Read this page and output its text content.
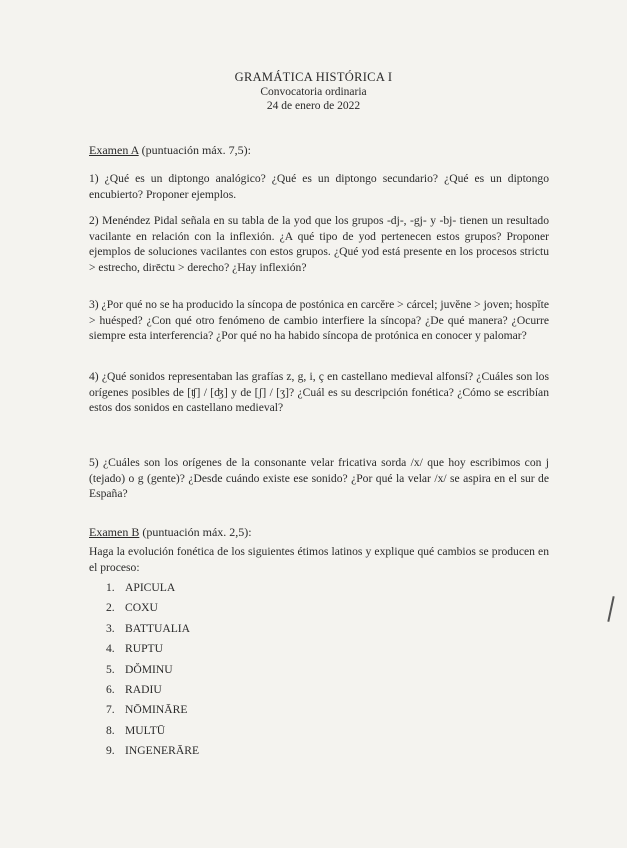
GRAMÁTICA HISTÓRICA I
Convocatoria ordinaria
24 de enero de 2022
Examen A (puntuación máx. 7,5):
1) ¿Qué es un diptongo analógico? ¿Qué es un diptongo secundario? ¿Qué es un diptongo encubierto? Proponer ejemplos.
2) Menéndez Pidal señala en su tabla de la yod que los grupos -dj-, -gj- y -bj- tienen un resultado vacilante en relación con la inflexión. ¿A qué tipo de yod pertenecen estos grupos? Proponer ejemplos de soluciones vacilantes con estos grupos. ¿Qué yod está presente en los procesos strictu > estrecho, dirēctu > derecho? ¿Hay inflexión?
3) ¿Por qué no se ha producido la síncopa de postónica en carcĕre > cárcel; juvĕne > joven; hospĭte > huésped? ¿Con qué otro fenómeno de cambio interfiere la síncopa? ¿De qué manera? ¿Ocurre siempre esta interferencia? ¿Por qué no ha habido síncopa de protónica en conocer y palomar?
4) ¿Qué sonidos representaban las grafías z, g, i, ç en castellano medieval alfonsí? ¿Cuáles son los orígenes posibles de [ʧ] / [ʤ] y de [ʃ] / [ʒ]? ¿Cuál es su descripción fonética? ¿Cómo se escribían estos dos sonidos en castellano medieval?
5) ¿Cuáles son los orígenes de la consonante velar fricativa sorda /x/ que hoy escribimos con j (tejado) o g (gente)? ¿Desde cuándo existe ese sonido? ¿Por qué la velar /x/ se aspira en el sur de España?
Examen B (puntuación máx. 2,5):
Haga la evolución fonética de los siguientes étimos latinos y explique qué cambios se producen en el proceso:
1. APICULA
2. COXU
3. BATTUALIA
4. RUPTU
5. DŎMINU
6. RADIU
7. NŌMINĀRE
8. MULTŪ
9. INGENERĀRE
